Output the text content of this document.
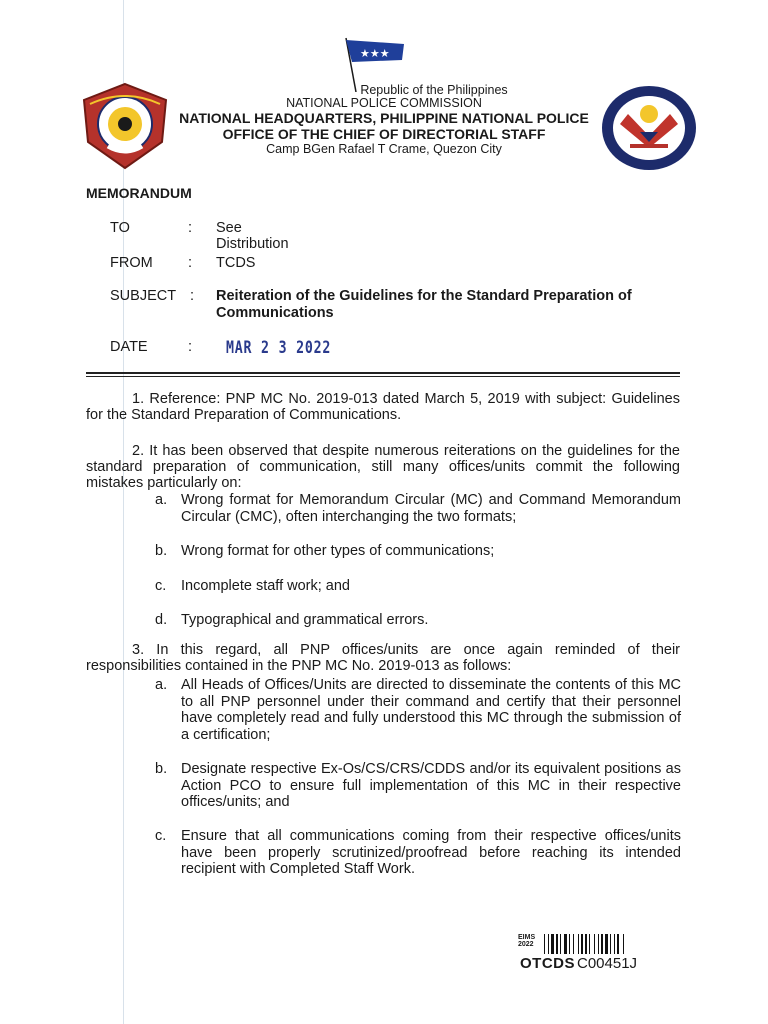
★★★
Republic of the Philippines
NATIONAL POLICE COMMISSION
NATIONAL HEADQUARTERS, PHILIPPINE NATIONAL POLICE
OFFICE OF THE CHIEF OF DIRECTORIAL STAFF
Camp BGen Rafael T Crame, Quezon City
MEMORANDUM
TO	: See Distribution
FROM : TCDS
SUBJECT : Reiteration of the Guidelines for the Standard Preparation of Communications
DATE	: MAR 2 3 2022
1. Reference: PNP MC No. 2019-013 dated March 5, 2019 with subject: Guidelines for the Standard Preparation of Communications.
2. It has been observed that despite numerous reiterations on the guidelines for the standard preparation of communication, still many offices/units commit the following mistakes particularly on:
a. Wrong format for Memorandum Circular (MC) and Command Memorandum Circular (CMC), often interchanging the two formats;
b. Wrong format for other types of communications;
c.	Incomplete staff work; and
d. Typographical and grammatical errors.
3. In this regard, all PNP offices/units are once again reminded of their responsibilities contained in the PNP MC No. 2019-013 as follows:
a. All Heads of Offices/Units are directed to disseminate the contents of this MC to all PNP personnel under their command and certify that their personnel have completely read and fully understood this MC through the submission of a certification;
b. Designate respective Ex-Os/CS/CRS/CDDS and/or its equivalent positions as Action PCO to ensure full implementation of this MC in their respective offices/units; and
c.	Ensure that all communications coming from their respective offices/units have been properly scrutinized/proofread before reaching its intended recipient with Completed Staff Work.
EIMS
2022
OTCDS C00451J
